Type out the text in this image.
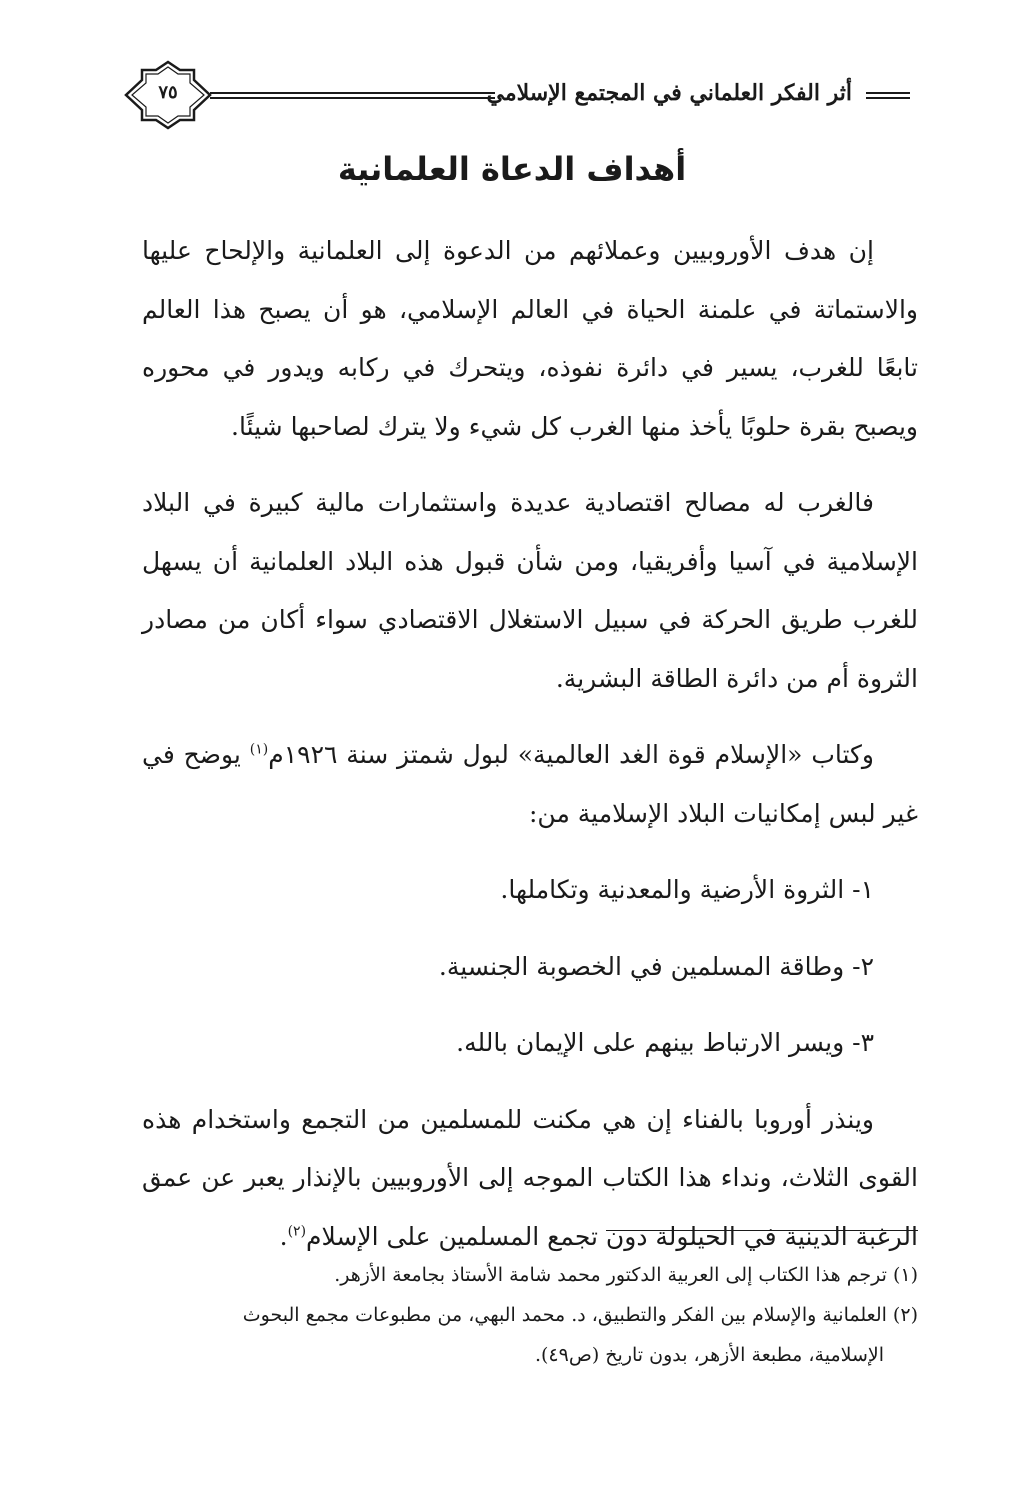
أثر الفكر العلماني في المجتمع الإسلامي
٧٥
أهداف الدعاة العلمانية

إن هدف الأوروبيين وعملائهم من الدعوة إلى العلمانية والإلحاح عليها والاستماتة في علمنة الحياة في العالم الإسلامي، هو أن يصبح هذا العالم تابعًا للغرب، يسير في دائرة نفوذه، ويتحرك في ركابه ويدور في محوره ويصبح بقرة حلوبًا يأخذ منها الغرب كل شيء ولا يترك لصاحبها شيئًا.

فالغرب له مصالح اقتصادية عديدة واستثمارات مالية كبيرة في البلاد الإسلامية في آسيا وأفريقيا، ومن شأن قبول هذه البلاد العلمانية أن يسهل للغرب طريق الحركة في سبيل الاستغلال الاقتصادي سواء أكان من مصادر الثروة أم من دائرة الطاقة البشرية.

وكتاب «الإسلام قوة الغد العالمية» لبول شمتز سنة ١٩٢٦م$^{(١)}$ يوضح في غير لبس إمكانيات البلاد الإسلامية من:

١- الثروة الأرضية والمعدنية وتكاملها.

٢- وطاقة المسلمين في الخصوبة الجنسية.

٣- ويسر الارتباط بينهم على الإيمان بالله.

وينذر أوروبا بالفناء إن هي مكنت للمسلمين من التجمع واستخدام هذه القوى الثلاث، ونداء هذا الكتاب الموجه إلى الأوروبيين بالإنذار يعبر عن عمق الرغبة الدينية في الحيلولة دون تجمع المسلمين على الإسلام$^{(٢)}$.

(١) ترجم هذا الكتاب إلى العربية الدكتور محمد شامة الأستاذ بجامعة الأزهر.

(٢) العلمانية والإسلام بين الفكر والتطبيق، د. محمد البهي، من مطبوعات مجمع البحوث

الإسلامية، مطبعة الأزهر، بدون تاريخ (ص٤٩).
